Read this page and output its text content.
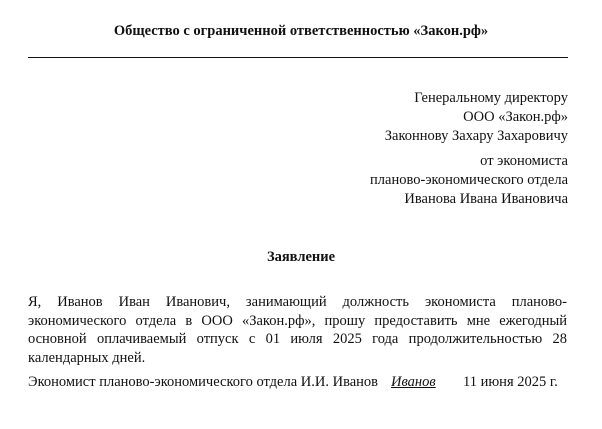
Общество с ограниченной ответственностью «Закон.рф»
Генеральному директору
ООО «Закон.рф»
Законнову Захару Захаровичу
от экономиста
планово-экономического отдела
Иванова Ивана Ивановича
Заявление
Я, Иванов Иван Иванович, занимающий должность экономиста планово-экономического отдела в ООО «Закон.рф», прошу предоставить мне ежегодный основной оплачиваемый отпуск с 01 июля 2025 года продолжительностью 28 календарных дней.
Экономист планово-экономического отдела И.И. Иванов Иванов 11 июня 2025 г.
